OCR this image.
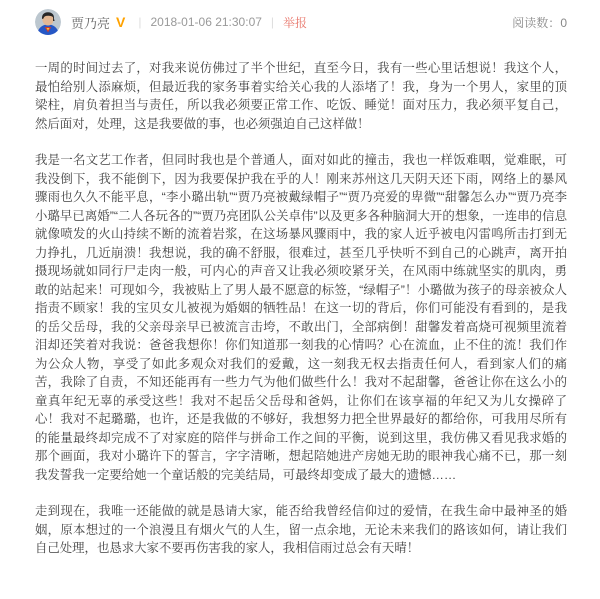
贾乃亮 V | 2018-01-06 21:30:07 | 举报	阅读数：0

一周的时间过去了，对我来说仿佛过了半个世纪，直至今日，我有一些心里话想说！我这个人，最怕给别人添麻烦，但最近我的家务事着实给关心我的人添堵了！我，身为一个男人，家里的顶梁柱，肩负着担当与责任，所以我必须要正常工作、吃饭、睡觉！面对压力，我必须平复自己，然后面对，处理，这是我要做的事，也必须强迫自己这样做！

我是一名文艺工作者，但同时我也是个普通人，面对如此的撞击，我也一样饭难咽，觉难眠，可我没倒下，我不能倒下，因为我要保护我在乎的人！刚来苏州这几天阴天还下雨，网络上的暴风骤雨也久久不能平息，“李小璐出轨”“贾乃亮被戴绿帽子”“贾乃亮爱的卑微”“甜馨怎么办”“贾乃亮李小璐早已离婚”“二人各玩各的”“贾乃亮团队公关卓伟”以及更多各种脑洞大开的想象，一连串的信息就像喷发的火山持续不断的流着岩浆，在这场暴风骤雨中，我的家人近乎被电闪雷鸣所击打到无力挣扎，几近崩溃！我想说，我的确不舒服，很难过，甚至几乎快听不到自己的心跳声，离开拍摄现场就如同行尸走肉一般，可内心的声音又让我必须咬紧牙关，在风雨中练就坚实的肌肉，勇敢的站起来！可现如今，我被贴上了男人最不愿意的标签，“绿帽子”！小璐做为孩子的母亲被众人指责不顾家！我的宝贝女儿被视为婚姻的牺牲品！在这一切的背后，你们可能没有看到的，是我的岳父岳母，我的父亲母亲早已被流言击垮，不敢出门，全部病倒！甜馨发着高烧可视频里流着泪却还笑着对我说：爸爸我想你！你们知道那一刻我的心情吗？心在流血，止不住的流！我们作为公众人物，享受了如此多观众对我们的爱戴，这一刻我无权去指责任何人，看到家人们的痛苦，我除了自责，不知还能再有一些力气为他们做些什么！我对不起甜馨，爸爸让你在这么小的童真年纪无辜的承受这些！我对不起岳父岳母和爸妈，让你们在该享福的年纪又为儿女操碎了心！我对不起璐璐，也许，还是我做的不够好，我想努力把全世界最好的都给你，可我用尽所有的能量最终却完成不了对家庭的陪伴与拼命工作之间的平衡，说到这里，我仿佛又看见我求婚的那个画面，我对小璐许下的誓言，字字清晰，想起陪她进产房她无助的眼神我心痛不已，那一刻我发誓我一定要给她一个童话般的完美结局，可最终却变成了最大的遗憾……

走到现在，我唯一还能做的就是恳请大家，能否给我曾经信仰过的爱情，在我生命中最神圣的婚姻，原本想过的一个浪漫且有烟火气的人生，留一点余地，无论未来我们的路该如何，请让我们自己处理，也恳求大家不要再伤害我的家人，我相信雨过总会有天晴！
